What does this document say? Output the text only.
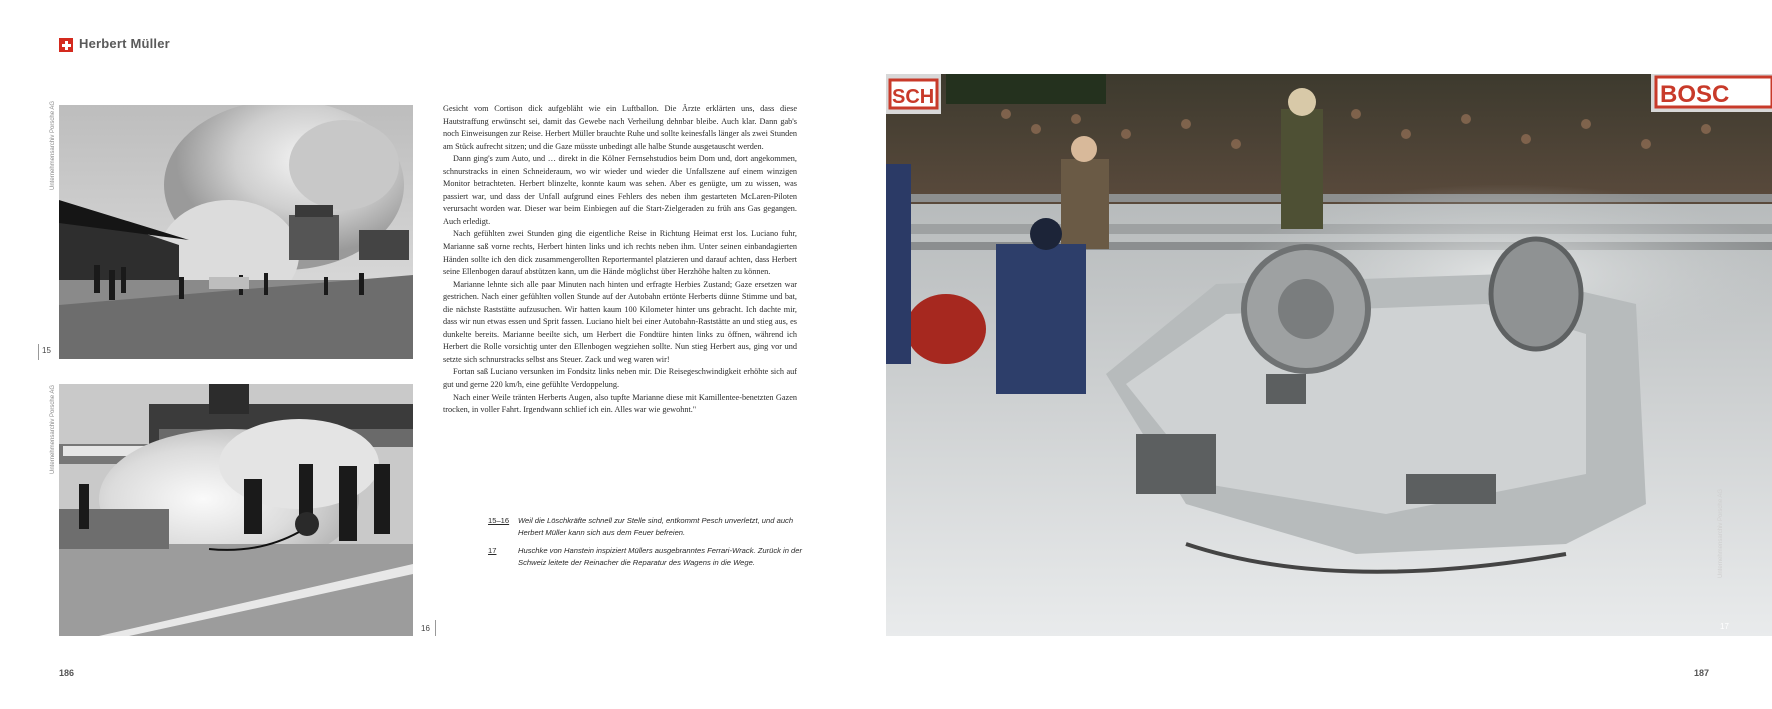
Herbert Müller
Unternehmensarchiv Porsche AG
15
Unternehmensarchiv Porsche AG
16

Gesicht vom Cortison dick aufgebläht wie ein Luftballon. Die Ärzte erklärten uns, dass diese Hautstraffung erwünscht sei, damit das Gewebe nach Verheilung dehnbar bleibe. Auch klar. Dann gab's noch Einweisungen zur Reise. Herbert Müller brauchte Ruhe und sollte keinesfalls länger als zwei Stunden am Stück aufrecht sitzen; und die Gaze müsste unbedingt alle halbe Stunde ausgetauscht werden.

Dann ging's zum Auto, und … direkt in die Kölner Fernsehstudios beim Dom und, dort angekommen, schnurstracks in einen Schneideraum, wo wir wieder und wieder die Unfallszene auf einem winzigen Monitor betrachteten. Herbert blinzelte, konnte kaum was sehen. Aber es genügte, um zu wissen, was passiert war, und dass der Unfall aufgrund eines Fehlers des neben ihm gestarteten McLaren-Piloten verursacht worden war. Dieser war beim Einbiegen auf die Start-Zielgeraden zu früh ans Gas gegangen. Auch erledigt.

Nach gefühlten zwei Stunden ging die eigentliche Reise in Richtung Heimat erst los. Luciano fuhr, Marianne saß vorne rechts, Herbert hinten links und ich rechts neben ihm. Unter seinen einbandagierten Händen sollte ich den dick zusammengerollten Reportermantel platzieren und darauf achten, dass Herbert seine Ellenbogen darauf abstützen kann, um die Hände möglichst über Herzhöhe halten zu können.

Marianne lehnte sich alle paar Minuten nach hinten und erfragte Herbies Zustand; Gaze ersetzen war gestrichen. Nach einer gefühlten vollen Stunde auf der Autobahn ertönte Herberts dünne Stimme und bat, die nächste Raststätte aufzusuchen. Wir hatten kaum 100 Kilometer hinter uns gebracht. Ich dachte mir, dass wir nun etwas essen und Sprit fassen. Luciano hielt bei einer Autobahn-Raststätte an und stieg aus, es dunkelte bereits. Marianne beeilte sich, um Herbert die Fondtüre hinten links zu öffnen, während ich Herbert die Rolle vorsichtig unter den Ellenbogen wegziehen sollte. Nun stieg Herbert aus, ging vor und setzte sich schnurstracks selbst ans Steuer. Zack und weg waren wir!

Fortan saß Luciano versunken im Fondsitz links neben mir. Die Reisegeschwindigkeit erhöhte sich auf gut und gerne 220 km/h, eine gefühlte Verdoppelung.

Nach einer Weile tränten Herberts Augen, also tupfte Marianne diese mit Kamillentee-benetzten Gazen trocken, in voller Fahrt. Irgendwann schlief ich ein. Alles war wie gewohnt."

15–16	Weil die Löschkräfte schnell zur Stelle sind, entkommt Pesch unverletzt, und auch Herbert Müller kann sich aus dem Feuer befreien.
17	Huschke von Hanstein inspiziert Müllers ausgebranntes Ferrari-Wrack. Zurück in der Schweiz leitete der Reinacher die Reparatur des Wagens in die Wege.
SCH	BOSC
Unternehmensarchiv Porsche AG
17
186	187
